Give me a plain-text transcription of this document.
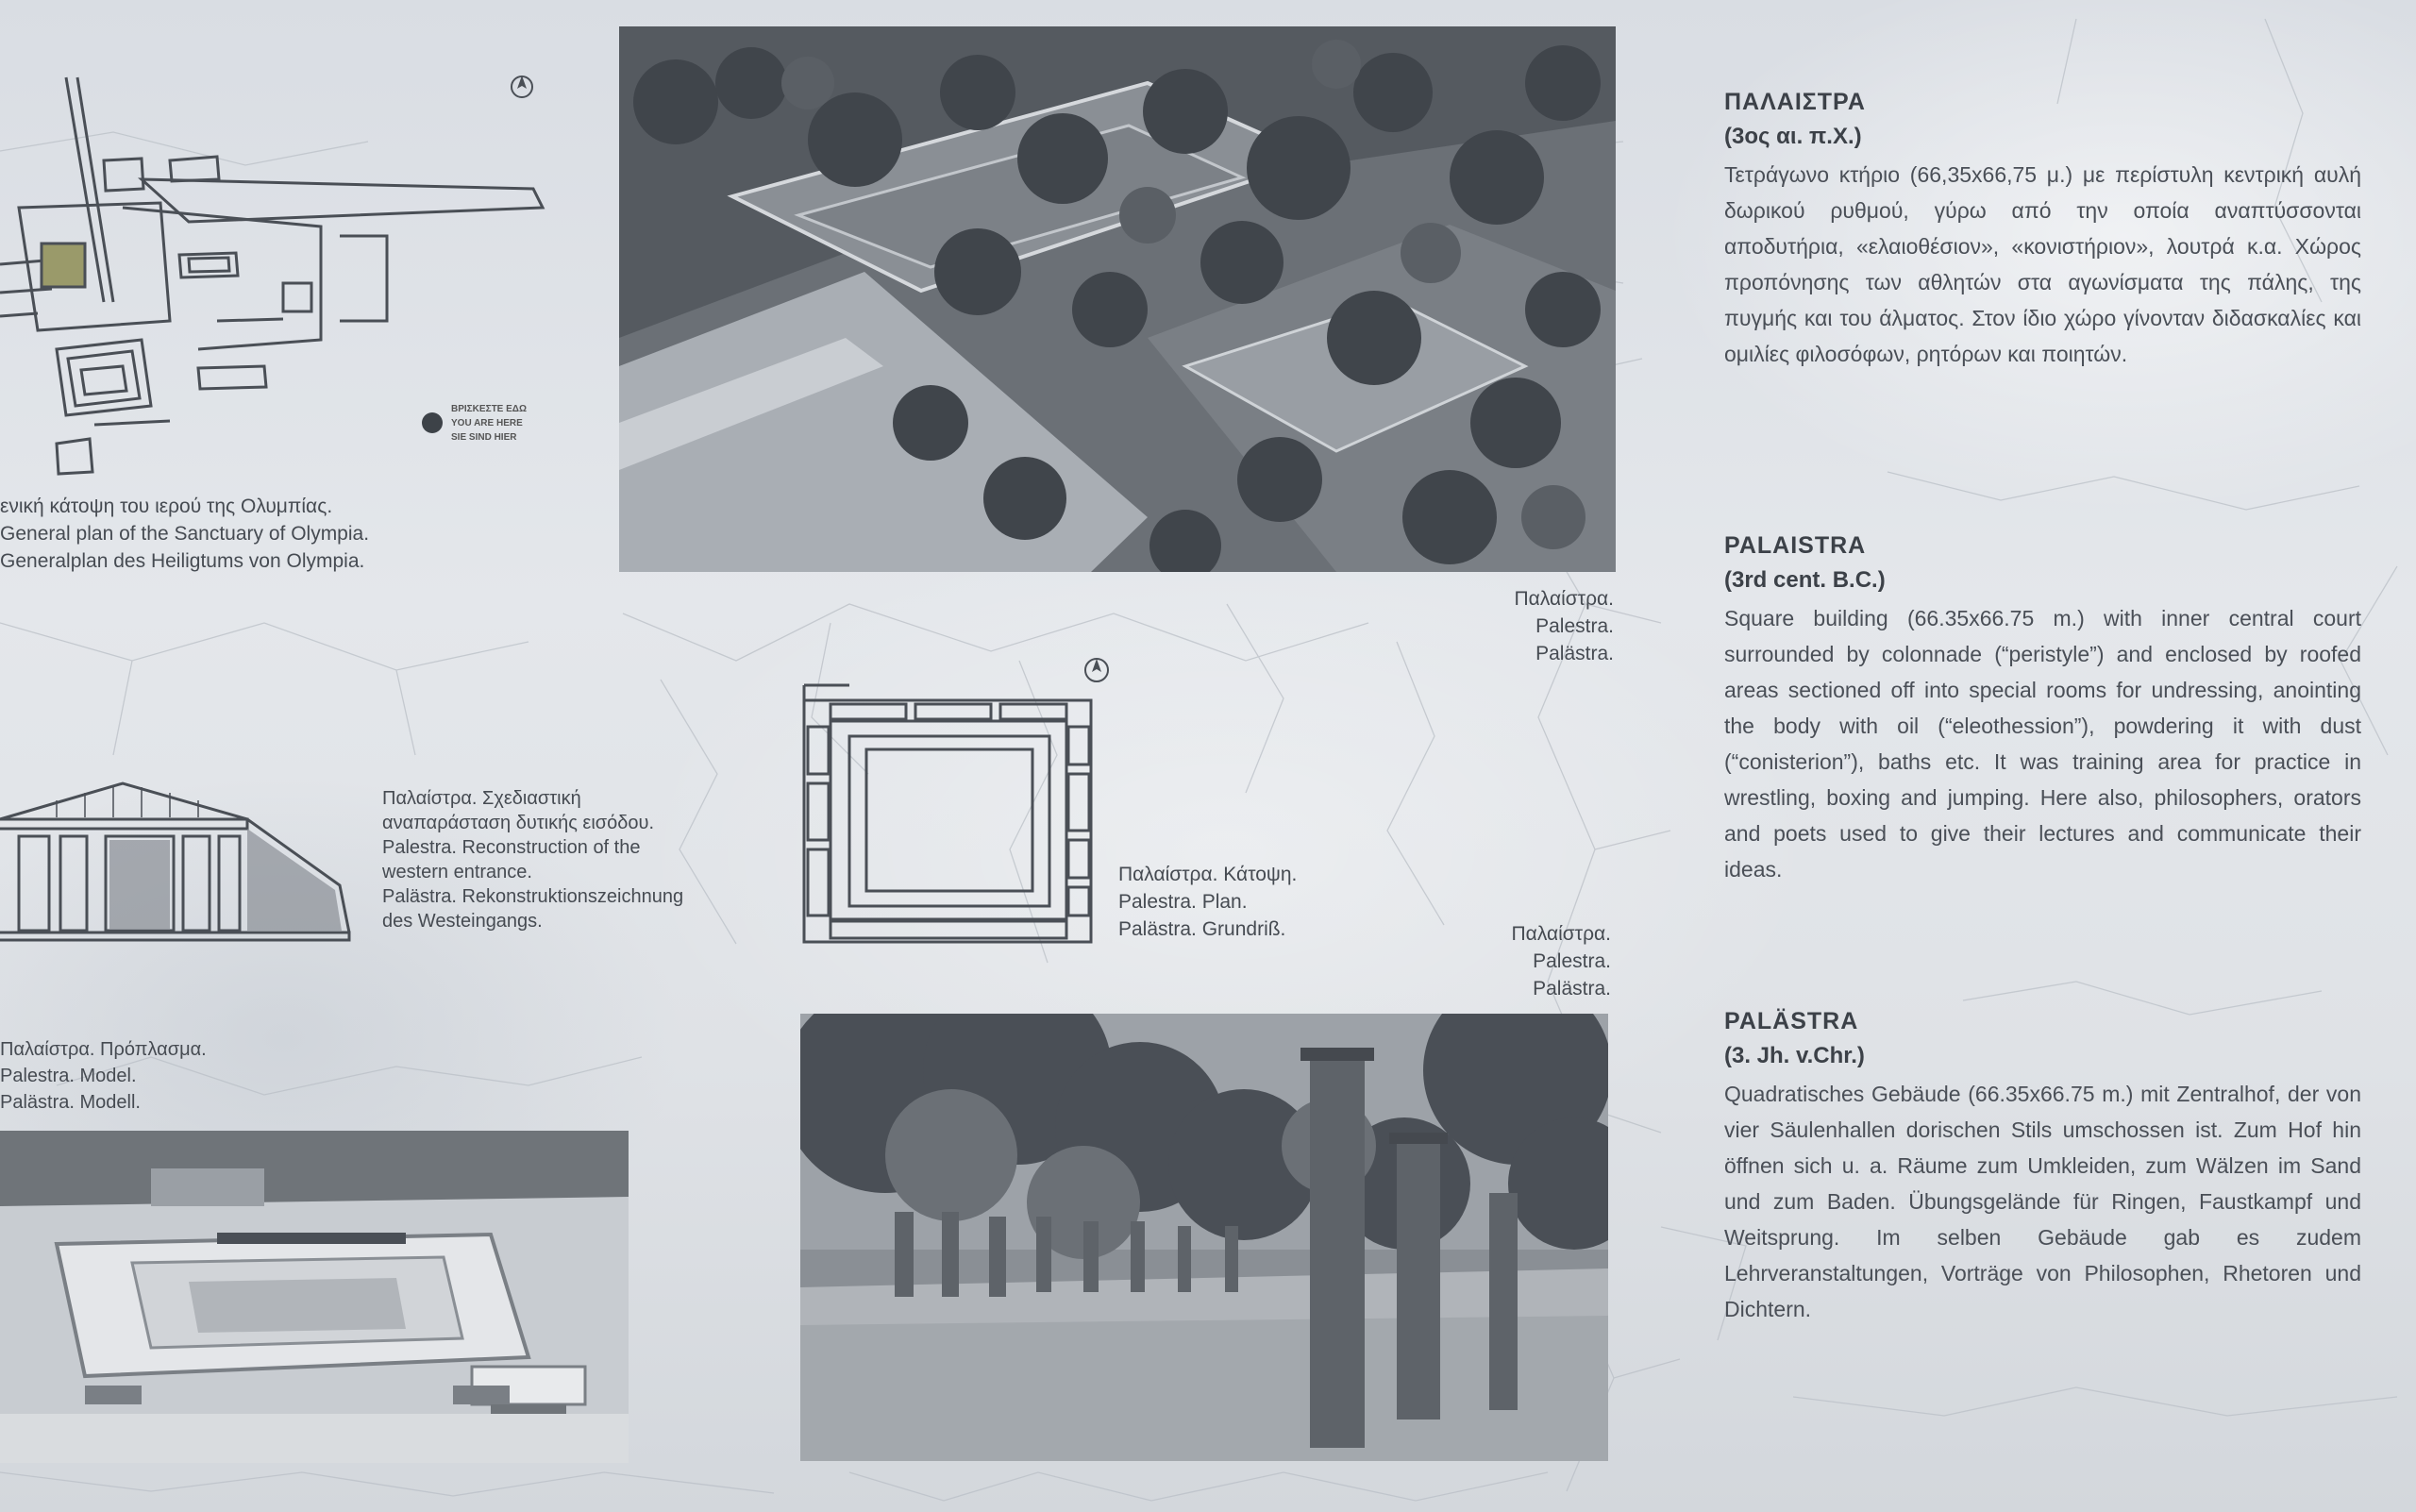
ΒΡΙΣΚΕΣΤΕ ΕΔΩ
YOU ARE HERE
SIE SIND HIER
ενική κάτοψη του ιερού της Ολυμπίας.
General plan of the Sanctuary of Olympia.
Generalplan des Heiligtums von Olympia.
Παλαίστρα.
Palestra.
Palästra.
Παλαίστρα. Σχεδιαστική
αναπαράσταση δυτικής εισόδου.
Palestra. Reconstruction of the
western entrance.
Palästra. Rekonstruktionszeichnung
des Westeingangs.
Παλαίστρα. Κάτοψη.
Palestra. Plan.
Palästra. Grundriß.
Παλαίστρα. Πρόπλασμα.
Palestra. Model.
Palästra. Modell.
Παλαίστρα.
Palestra.
Palästra.
ΠΑΛΑΙΣΤΡΑ
(3ος αι. π.Χ.)

Τετράγωνο κτήριο (66,35x66,75 μ.) με περίστυλη κεντρική αυλή δωρικού ρυθμού, γύρω από την οποία αναπτύσσονται αποδυτήρια, «ελαιοθέσιον», «κονιστήριον», λουτρά κ.α. Χώρος προπόνησης των αθλητών στα αγωνίσματα της πάλης, της πυγμής και του άλματος. Στον ίδιο χώρο γίνονταν διδασκαλίες και ομιλίες φιλοσόφων, ρητόρων και ποιητών.

PALAISTRA
(3rd cent. B.C.)

Square building (66.35x66.75 m.) with inner central court surrounded by colonnade (“peristyle”) and enclosed by roofed areas sectioned off into special rooms for undressing, anointing the body with oil (“eleothession”), powdering it with dust (“conisterion”), baths etc. It was training area for practice in wrestling, boxing and jumping. Here also, philosophers, orators and poets used to give their lectures and communicate their ideas.

PALÄSTRA
(3. Jh. v.Chr.)

Quadratisches Gebäude (66.35x66.75 m.) mit Zentralhof, der von vier Säulenhallen dorischen Stils umschossen ist. Zum Hof hin öffnen sich u. a. Räume zum Umkleiden, zum Wälzen im Sand und zum Baden. Übungsgelände für Ringen, Faustkampf und Weitsprung. Im selben Gebäude gab es zudem Lehrveranstaltungen, Vorträge von Philosophen, Rhetoren und Dichtern.
